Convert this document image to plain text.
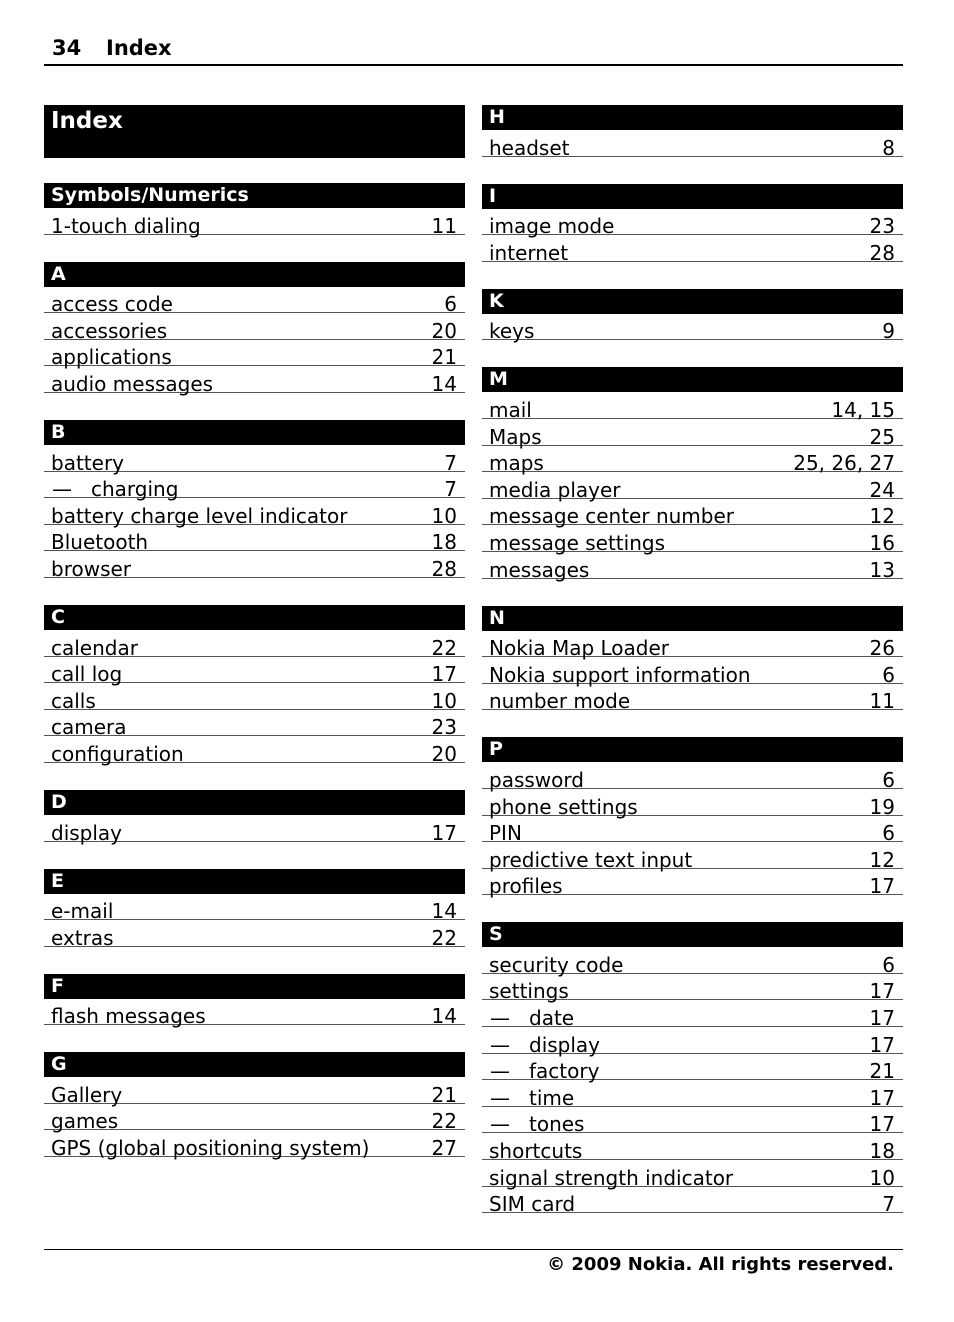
34 Index
Index
Symbols/Numerics
1-touch dialing	11
A
access code	6
accessories	20
applications	21
audio messages	14
B
battery	7
— charging	7
battery charge level indicator	10
Bluetooth	18
browser	28
C
calendar	22
call log	17
calls	10
camera	23
configuration	20
D
display	17
E
e-mail	14
extras	22
F
flash messages	14
G
Gallery	21
games	22
GPS (global positioning system)	27
H
headset	8
I
image mode	23
internet	28
K
keys	9
M
mail	14, 15
Maps	25
maps	25, 26, 27
media player	24
message center number	12
message settings	16
messages	13
N
Nokia Map Loader	26
Nokia support information	6
number mode	11
P
password	6
phone settings	19
PIN	6
predictive text input	12
profiles	17
S
security code	6
settings	17
— date	17
— display	17
— factory	21
— time	17
— tones	17
shortcuts	18
signal strength indicator	10
SIM card	7
© 2009 Nokia. All rights reserved.
